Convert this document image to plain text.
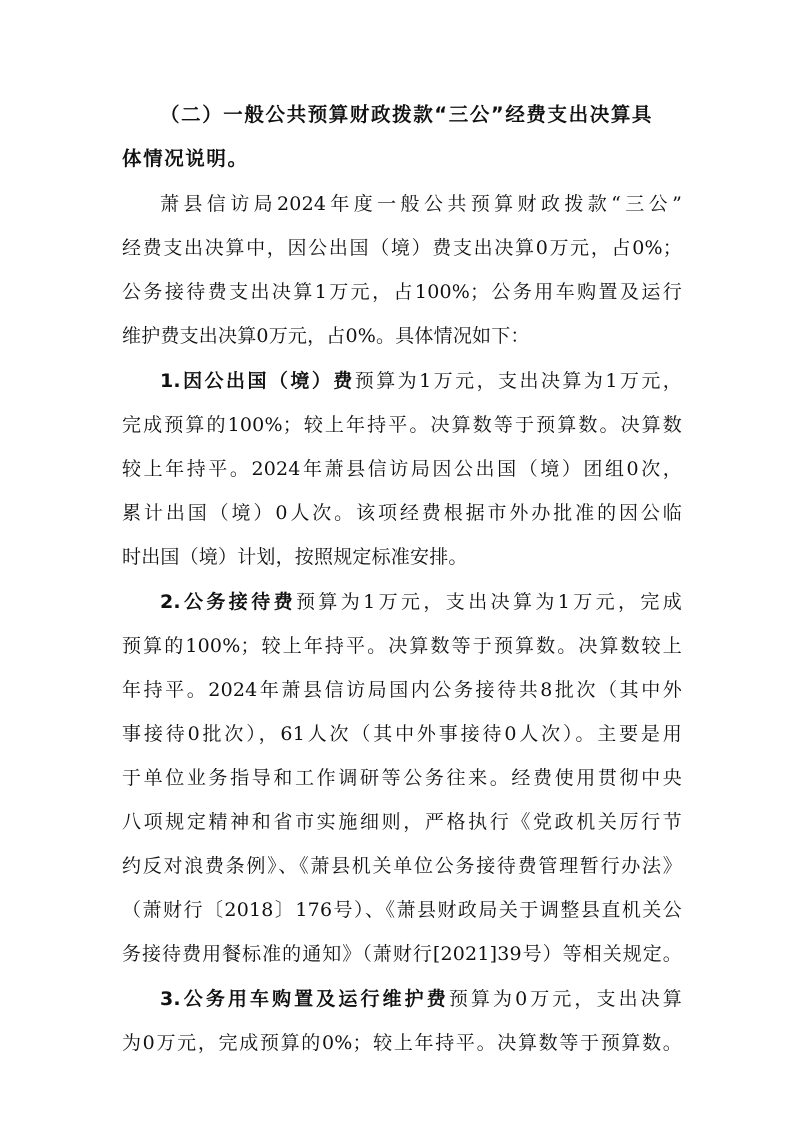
（二）一般公共预算财政拨款“三公”经费支出决算具
体情况说明。
萧县信访局2024年度一般公共预算财政拨款“三公”
经费支出决算中，因公出国（境）费支出决算0万元，占0%；
公务接待费支出决算1万元，占100%；公务用车购置及运行
维护费支出决算0万元，占0%。具体情况如下：
1.因公出国（境）费预算为1万元，支出决算为1万元，
完成预算的100%；较上年持平。决算数等于预算数。决算数
较上年持平。2024年萧县信访局因公出国（境）团组0次，
累计出国（境）0人次。该项经费根据市外办批准的因公临
时出国（境）计划，按照规定标准安排。
2.公务接待费预算为1万元，支出决算为1万元，完成
预算的100%；较上年持平。决算数等于预算数。决算数较上
年持平。2024年萧县信访局国内公务接待共8批次（其中外
事接待0批次），61人次（其中外事接待0人次）。主要是用
于单位业务指导和工作调研等公务往来。经费使用贯彻中央
八项规定精神和省市实施细则，严格执行《党政机关厉行节
约反对浪费条例》、《萧县机关单位公务接待费管理暂行办法》
（萧财行〔2018〕176号）、《萧县财政局关于调整县直机关公
务接待费用餐标准的通知》（萧财行[2021]39号）等相关规定。
3.公务用车购置及运行维护费预算为0万元，支出决算
为0万元，完成预算的0%；较上年持平。决算数等于预算数。
